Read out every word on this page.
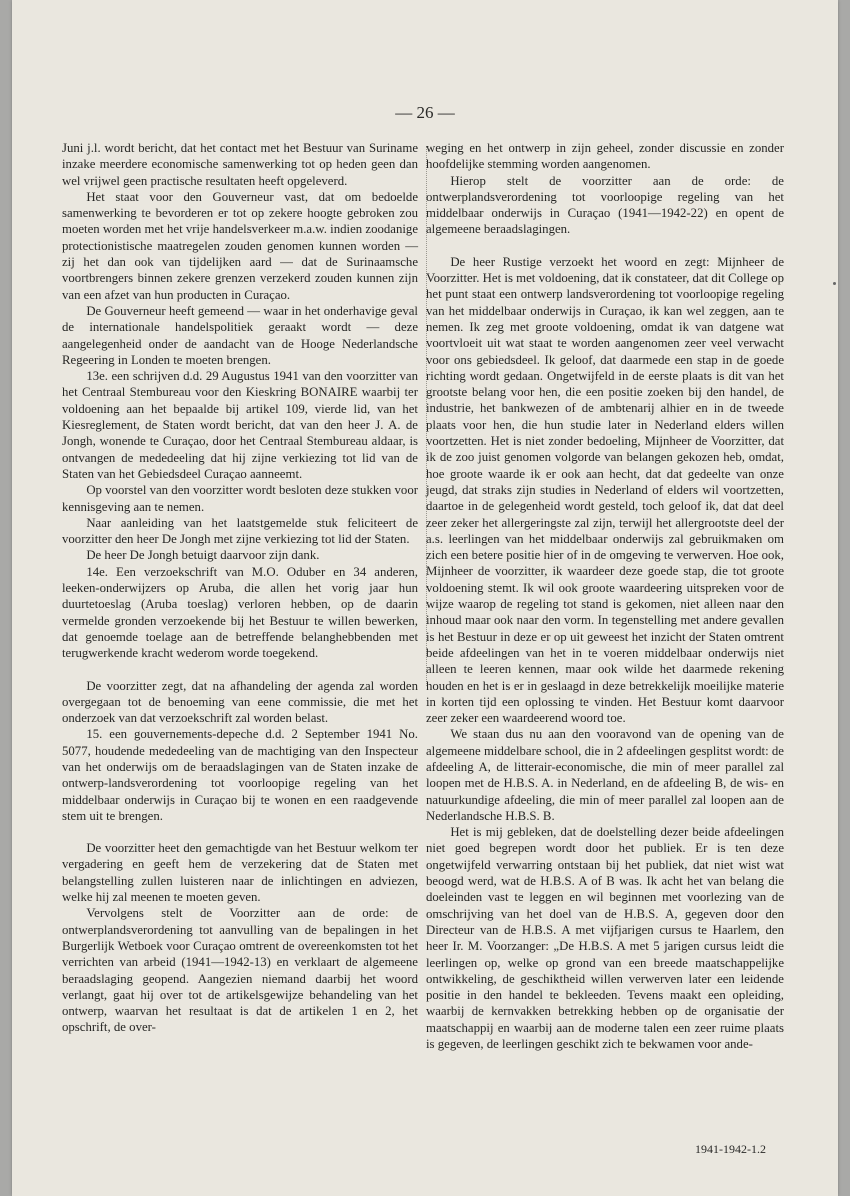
— 26 —

Juni j.l. wordt bericht, dat het contact met het Bestuur van Suriname inzake meerdere economische samenwerking tot op heden geen dan wel vrijwel geen practische resultaten heeft opgeleverd.

Het staat voor den Gouverneur vast, dat om bedoelde samenwerking te bevorderen er tot op zekere hoogte gebroken zou moeten worden met het vrije handelsverkeer m.a.w. indien zoodanige protectionistische maatregelen zouden genomen kunnen worden — zij het dan ook van tijdelijken aard — dat de Surinaamsche voortbrengers binnen zekere grenzen verzekerd zouden kunnen zijn van een afzet van hun producten in Curaçao.

De Gouverneur heeft gemeend — waar in het onderhavige geval de internationale handelspolitiek geraakt wordt — deze aangelegenheid onder de aandacht van de Hooge Nederlandsche Regeering in Londen te moeten brengen.

13e. een schrijven d.d. 29 Augustus 1941 van den voorzitter van het Centraal Stembureau voor den Kieskring BONAIRE waarbij ter voldoening aan het bepaalde bij artikel 109, vierde lid, van het Kiesreglement, de Staten wordt bericht, dat van den heer J. A. de Jongh, wonende te Curaçao, door het Centraal Stembureau aldaar, is ontvangen de mededeeling dat hij zijne verkiezing tot lid van de Staten van het Gebiedsdeel Curaçao aanneemt.

Op voorstel van den voorzitter wordt besloten deze stukken voor kennisgeving aan te nemen.

Naar aanleiding van het laatstgemelde stuk feliciteert de voorzitter den heer De Jongh met zijne verkiezing tot lid der Staten.

De heer De Jongh betuigt daarvoor zijn dank.

14e. Een verzoekschrift van M.O. Oduber en 34 anderen, leeken-onderwijzers op Aruba, die allen het vorig jaar hun duurtetoeslag (Aruba toeslag) verloren hebben, op de daarin vermelde gronden verzoekende bij het Bestuur te willen bewerken, dat genoemde toelage aan de betreffende belanghebbenden met terugwerkende kracht wederom worde toegekend.

De voorzitter zegt, dat na afhandeling der agenda zal worden overgegaan tot de benoeming van eene commissie, die met het onderzoek van dat verzoekschrift zal worden belast.

15. een gouvernements-depeche d.d. 2 September 1941 No. 5077, houdende mededeeling van de machtiging van den Inspecteur van het onderwijs om de beraadslagingen van de Staten inzake de ontwerp-landsverordening tot voorloopige regeling van het middelbaar onderwijs in Curaçao bij te wonen en een raadgevende stem uit te brengen.

De voorzitter heet den gemachtigde van het Bestuur welkom ter vergadering en geeft hem de verzekering dat de Staten met belangstelling zullen luisteren naar de inlichtingen en adviezen, welke hij zal meenen te moeten geven.

Vervolgens stelt de Voorzitter aan de orde: de ontwerplandsverordening tot aanvulling van de bepalingen in het Burgerlijk Wetboek voor Curaçao omtrent de overeenkomsten tot het verrichten van arbeid (1941—1942-13) en verklaart de algemeene beraadslaging geopend. Aangezien niemand daarbij het woord verlangt, gaat hij over tot de artikelsgewijze behandeling van het ontwerp, waarvan het resultaat is dat de artikelen 1 en 2, het opschrift, de over-

weging en het ontwerp in zijn geheel, zonder discussie en zonder hoofdelijke stemming worden aangenomen.

Hierop stelt de voorzitter aan de orde: de ontwerplandsverordening tot voorloopige regeling van het middelbaar onderwijs in Curaçao (1941—1942-22) en opent de algemeene beraadslagingen.

De heer Rustige verzoekt het woord en zegt: Mijnheer de Voorzitter. Het is met voldoening, dat ik constateer, dat dit College op het punt staat een ontwerp landsverordening tot voorloopige regeling van het middelbaar onderwijs in Curaçao, ik kan wel zeggen, aan te nemen. Ik zeg met groote voldoening, omdat ik van datgene wat voortvloeit uit wat staat te worden aangenomen zeer veel verwacht voor ons gebiedsdeel. Ik geloof, dat daarmede een stap in de goede richting wordt gedaan. Ongetwijfeld in de eerste plaats is dit van het grootste belang voor hen, die een positie zoeken bij den handel, de industrie, het bankwezen of de ambtenarij alhier en in de tweede plaats voor hen, die hun studie later in Nederland elders willen voortzetten. Het is niet zonder bedoeling, Mijnheer de Voorzitter, dat ik de zoo juist genomen volgorde van belangen gekozen heb, omdat, hoe groote waarde ik er ook aan hecht, dat dat gedeelte van onze jeugd, dat straks zijn studies in Nederland of elders wil voortzetten, daartoe in de gelegenheid wordt gesteld, toch geloof ik, dat dat deel zeer zeker het allergeringste zal zijn, terwijl het allergrootste deel der a.s. leerlingen van het middelbaar onderwijs zal gebruikmaken om zich een betere positie hier of in de omgeving te verwerven. Hoe ook, Mijnheer de voorzitter, ik waardeer deze goede stap, die tot groote voldoening stemt. Ik wil ook groote waardeering uitspreken voor de wijze waarop de regeling tot stand is gekomen, niet alleen naar den inhoud maar ook naar den vorm. In tegenstelling met andere gevallen is het Bestuur in deze er op uit geweest het inzicht der Staten omtrent beide afdeelingen van het in te voeren middelbaar onderwijs niet alleen te leeren kennen, maar ook wilde het daarmede rekening houden en het is er in geslaagd in deze betrekkelijk moeilijke materie in korten tijd een oplossing te vinden. Het Bestuur komt daarvoor zeer zeker een waardeerend woord toe.

We staan dus nu aan den vooravond van de opening van de algemeene middelbare school, die in 2 afdeelingen gesplitst wordt: de afdeeling A, de litterair-economische, die min of meer parallel zal loopen met de H.B.S. A. in Nederland, en de afdeeling B, de wis- en natuurkundige afdeeling, die min of meer parallel zal loopen aan de Nederlandsche H.B.S. B.

Het is mij gebleken, dat de doelstelling dezer beide afdeelingen niet goed begrepen wordt door het publiek. Er is ten deze ongetwijfeld verwarring ontstaan bij het publiek, dat niet wist wat beoogd werd, wat de H.B.S. A of B was. Ik acht het van belang die doeleinden vast te leggen en wil beginnen met voorlezing van de omschrijving van het doel van de H.B.S. A, gegeven door den Directeur van de H.B.S. A met vijfjarigen cursus te Haarlem, den heer Ir. M. Voorzanger: „De H.B.S. A met 5 jarigen cursus leidt die leerlingen op, welke op grond van een breede maatschappelijke ontwikkeling, de geschiktheid willen verwerven later een leidende positie in den handel te bekleeden. Tevens maakt een opleiding, waarbij de kernvakken betrekking hebben op de organisatie der maatschappij en waarbij aan de moderne talen een zeer ruime plaats is gegeven, de leerlingen geschikt zich te bekwamen voor ande-

1941-1942-1.2
